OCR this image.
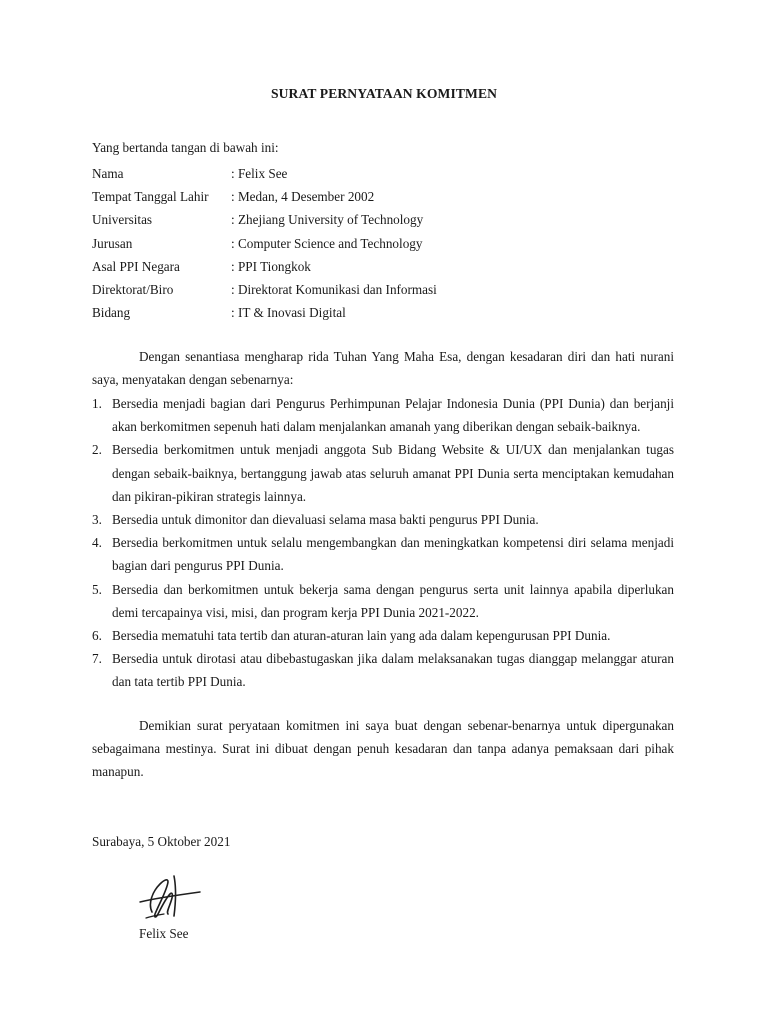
SURAT PERNYATAAN KOMITMEN
Yang bertanda tangan di bawah ini:
Nama	: Felix See
Tempat Tanggal Lahir	: Medan, 4 Desember 2002
Universitas	: Zhejiang University of Technology
Jurusan	: Computer Science and Technology
Asal PPI Negara	: PPI Tiongkok
Direktorat/Biro	: Direktorat Komunikasi dan Informasi
Bidang	: IT & Inovasi Digital
Dengan senantiasa mengharap rida Tuhan Yang Maha Esa, dengan kesadaran diri dan hati nurani saya, menyatakan dengan sebenarnya:
1. Bersedia menjadi bagian dari Pengurus Perhimpunan Pelajar Indonesia Dunia (PPI Dunia) dan berjanji akan berkomitmen sepenuh hati dalam menjalankan amanah yang diberikan dengan sebaik-baiknya.
2. Bersedia berkomitmen untuk menjadi anggota Sub Bidang Website & UI/UX dan menjalankan tugas dengan sebaik-baiknya, bertanggung jawab atas seluruh amanat PPI Dunia serta menciptakan kemudahan dan pikiran-pikiran strategis lainnya.
3. Bersedia untuk dimonitor dan dievaluasi selama masa bakti pengurus PPI Dunia.
4. Bersedia berkomitmen untuk selalu mengembangkan dan meningkatkan kompetensi diri selama menjadi bagian dari pengurus PPI Dunia.
5. Bersedia dan berkomitmen untuk bekerja sama dengan pengurus serta unit lainnya apabila diperlukan demi tercapainya visi, misi, dan program kerja PPI Dunia 2021-2022.
6. Bersedia mematuhi tata tertib dan aturan-aturan lain yang ada dalam kepengurusan PPI Dunia.
7. Bersedia untuk dirotasi atau dibebastugaskan jika dalam melaksanakan tugas dianggap melanggar aturan dan tata tertib PPI Dunia.
Demikian surat peryataan komitmen ini saya buat dengan sebenar-benarnya untuk dipergunakan sebagaimana mestinya. Surat ini dibuat dengan penuh kesadaran dan tanpa adanya pemaksaan dari pihak manapun.
Surabaya, 5 Oktober 2021
Felix See
